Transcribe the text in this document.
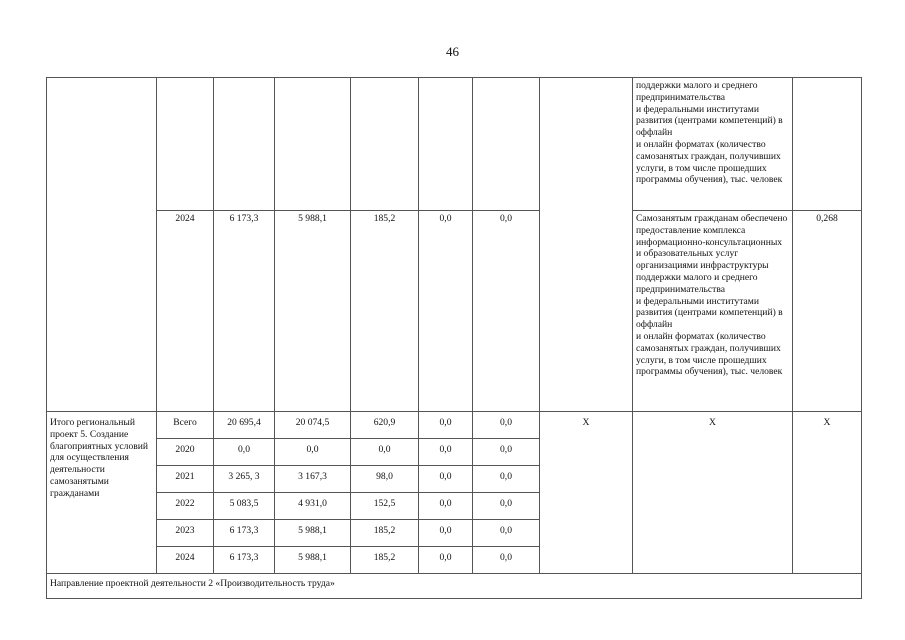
46
								поддержки малого и среднего предпринимательства
и федеральными институтами развития (центрами компетенций) в оффлайн
и онлайн форматах (количество самозанятых граждан, получивших услуги, в том числе прошедших программы обучения), тыс. человек	
	2024	6 173,3	5 988,1	185,2	0,0	0,0		Самозанятым гражданам обеспечено предоставление комплекса информационно-консультационных
и образовательных услуг организациями инфраструктуры поддержки малого и среднего предпринимательства
и федеральными институтами развития (центрами компетенций) в оффлайн
и онлайн форматах (количество самозанятых граждан, получивших услуги, в том числе прошедших программы обучения), тыс. человек	0,268
Итого региональный проект 5. Создание благоприятных условий
для осуществления деятельности самозанятыми гражданами	Всего	20 695,4	20 074,5	620,9	0,0	0,0	Х	Х	Х
	2020	0,0	0,0	0,0	0,0	0,0			
	2021	3 265, 3	3 167,3	98,0	0,0	0,0			
	2022	5 083,5	4 931,0	152,5	0,0	0,0			
	2023	6 173,3	5 988,1	185,2	0,0	0,0			
	2024	6 173,3	5 988,1	185,2	0,0	0,0			
Направление проектной деятельности 2 «Производительность труда»									
